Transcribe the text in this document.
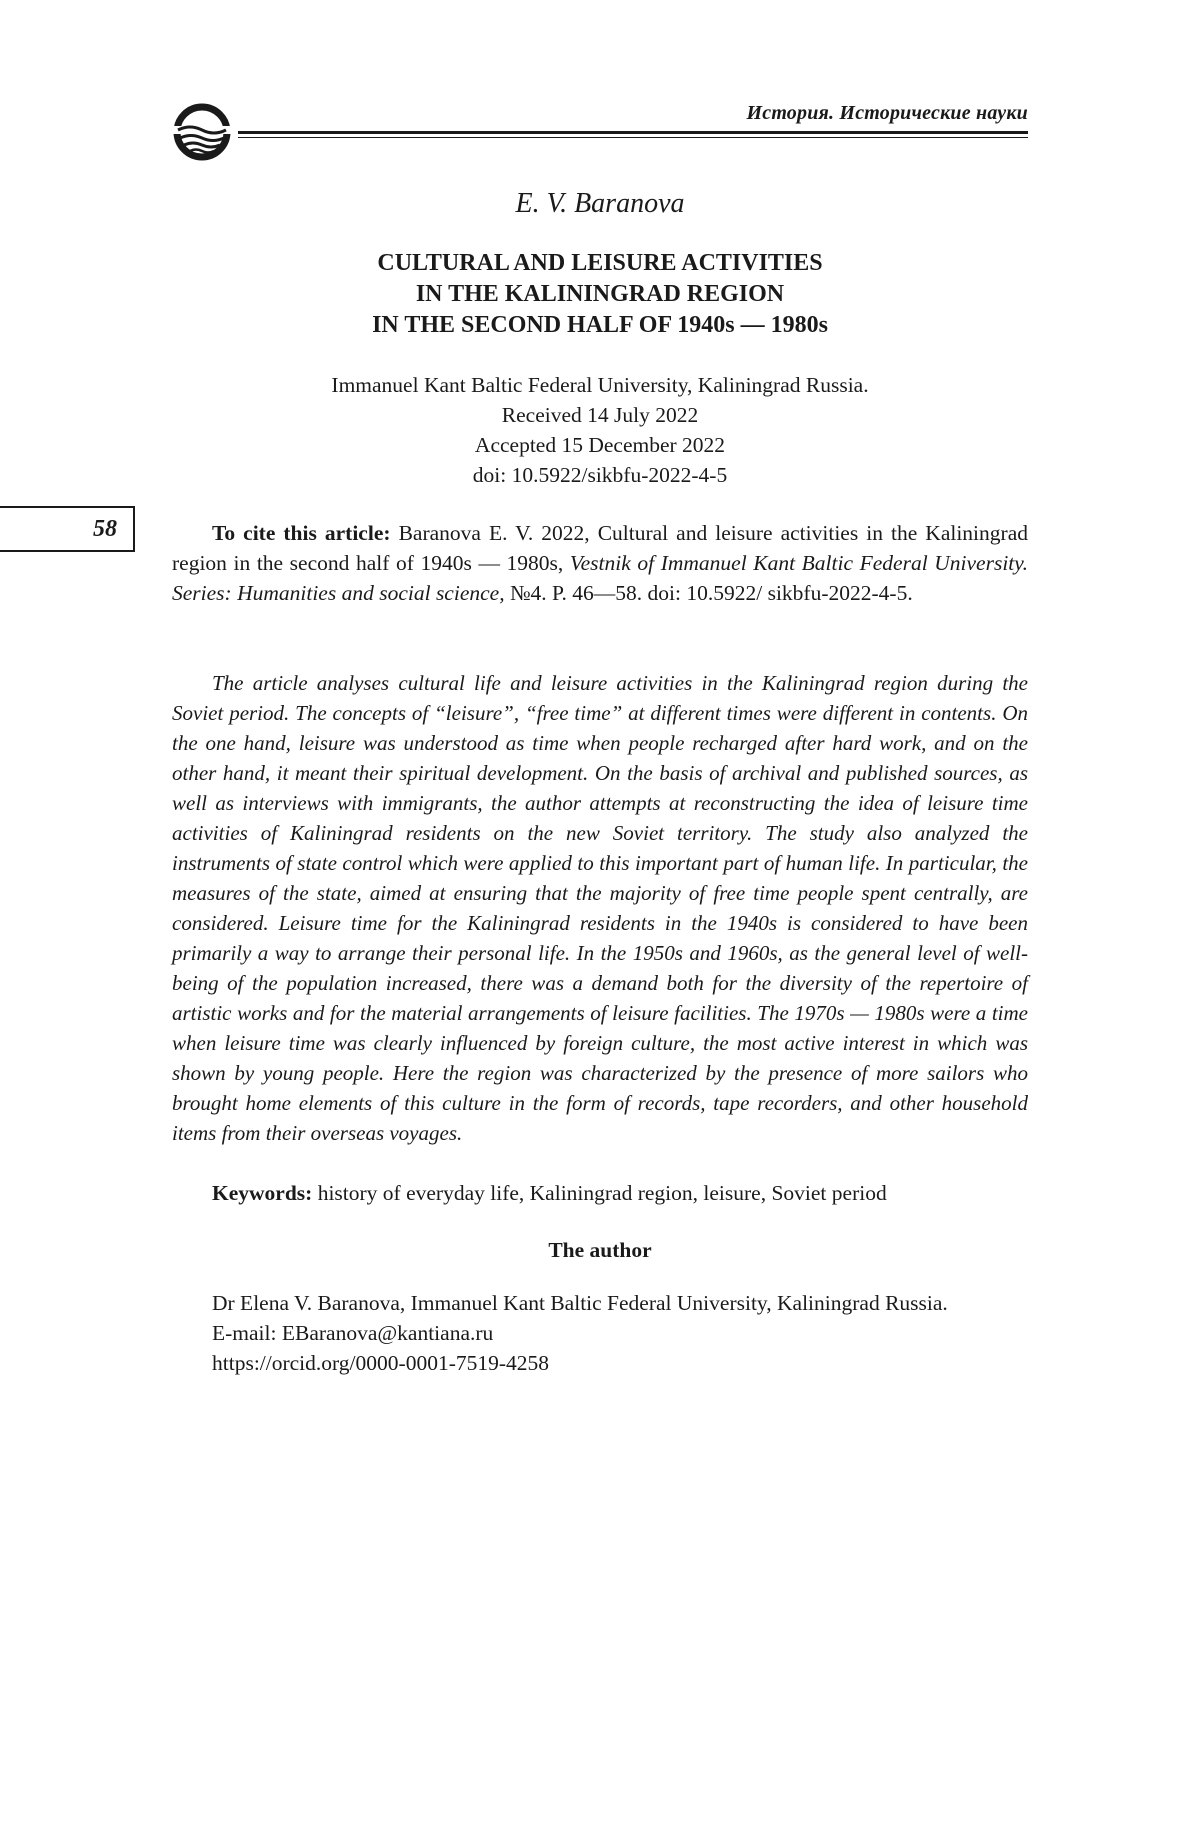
История. Исторические науки
58
E. V. Baranova
CULTURAL AND LEISURE ACTIVITIES
IN THE KALININGRAD REGION
IN THE SECOND HALF OF 1940s — 1980s
Immanuel Kant Baltic Federal University, Kaliningrad Russia.
Received 14 July 2022
Accepted 15 December 2022
doi: 10.5922/sikbfu-2022-4-5
To cite this article: Baranova E. V. 2022, Cultural and leisure activities in the Kaliningrad region in the second half of 1940s — 1980s, Vestnik of Immanuel Kant Baltic Federal University. Series: Humanities and social science, №4. P. 46—58. doi: 10.5922/ sikbfu-2022-4-5.
The article analyses cultural life and leisure activities in the Kaliningrad region during the Soviet period. The concepts of “leisure”, “free time” at different times were different in contents. On the one hand, leisure was understood as time when people recharged after hard work, and on the other hand, it meant their spiritual development. On the basis of archival and published sources, as well as interviews with immigrants, the author attempts at reconstructing the idea of leisure time activities of Kaliningrad residents on the new Soviet territory. The study also analyzed the instruments of state control which were applied to this important part of human life. In particular, the measures of the state, aimed at ensuring that the majority of free time people spent centrally, are considered. Leisure time for the Kaliningrad residents in the 1940s is considered to have been primarily a way to arrange their personal life. In the 1950s and 1960s, as the general level of well-being of the population increased, there was a demand both for the diversity of the repertoire of artistic works and for the material arrangements of leisure facilities. The 1970s — 1980s were a time when leisure time was clearly influenced by foreign culture, the most active interest in which was shown by young people. Here the region was characterized by the presence of more sailors who brought home elements of this culture in the form of records, tape recorders, and other household items from their overseas voyages.
Keywords: history of everyday life, Kaliningrad region, leisure, Soviet period
The author
Dr Elena V. Baranova, Immanuel Kant Baltic Federal University, Kaliningrad Russia.
E-mail: EBaranova@kantiana.ru
https://orcid.org/0000-0001-7519-4258
